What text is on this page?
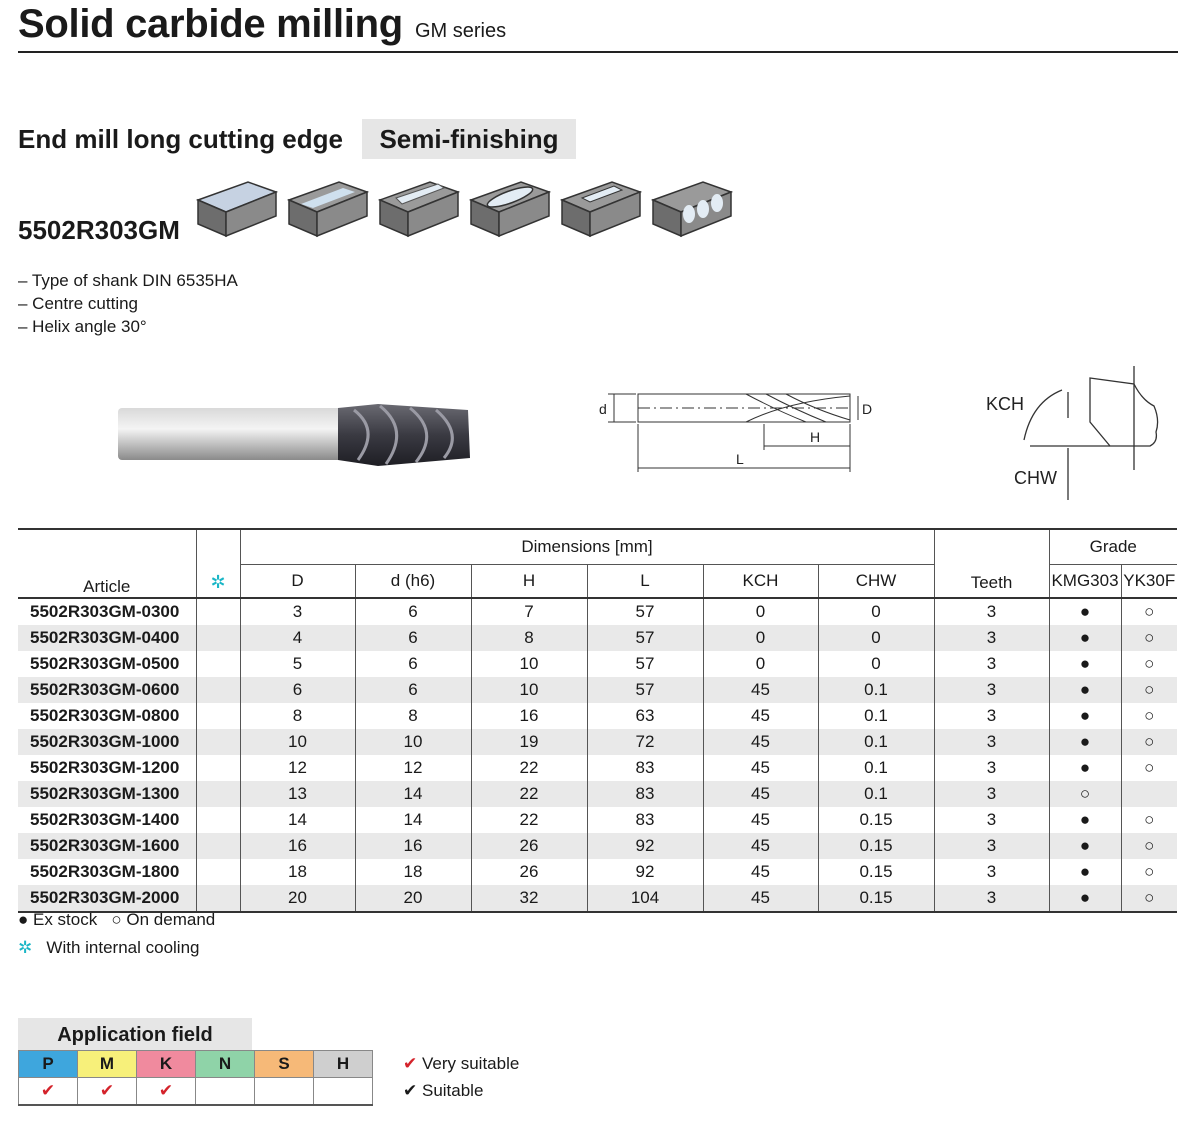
Solid carbide milling GM series
End mill long cutting edge	Semi-finishing
5502R303GM
– Type of shank DIN 6535HA
– Centre cutting
– Helix angle 30°
d	D
H
L
KCH
CHW
Article	✲	Dimensions [mm]						Teeth	Grade	
		D	d (h6)	H	L	KCH	CHW		KMG303	YK30F
5502R303GM-0300		3	6	7	57	0	0	3	●	○
5502R303GM-0400		4	6	8	57	0	0	3	●	○
5502R303GM-0500		5	6	10	57	0	0	3	●	○
5502R303GM-0600		6	6	10	57	45	0.1	3	●	○
5502R303GM-0800		8	8	16	63	45	0.1	3	●	○
5502R303GM-1000		10	10	19	72	45	0.1	3	●	○
5502R303GM-1200		12	12	22	83	45	0.1	3	●	○
5502R303GM-1300		13	14	22	83	45	0.1	3	○	
5502R303GM-1400		14	14	22	83	45	0.15	3	●	○
5502R303GM-1600		16	16	26	92	45	0.15	3	●	○
5502R303GM-1800		18	18	26	92	45	0.15	3	●	○
5502R303GM-2000		20	20	32	104	45	0.15	3	●	○
● Ex stock ○ On demand
✲ With internal cooling
Application field
P	M	K	N	S	H
✔	✔	✔			
✔ Very suitable
✔ Suitable
